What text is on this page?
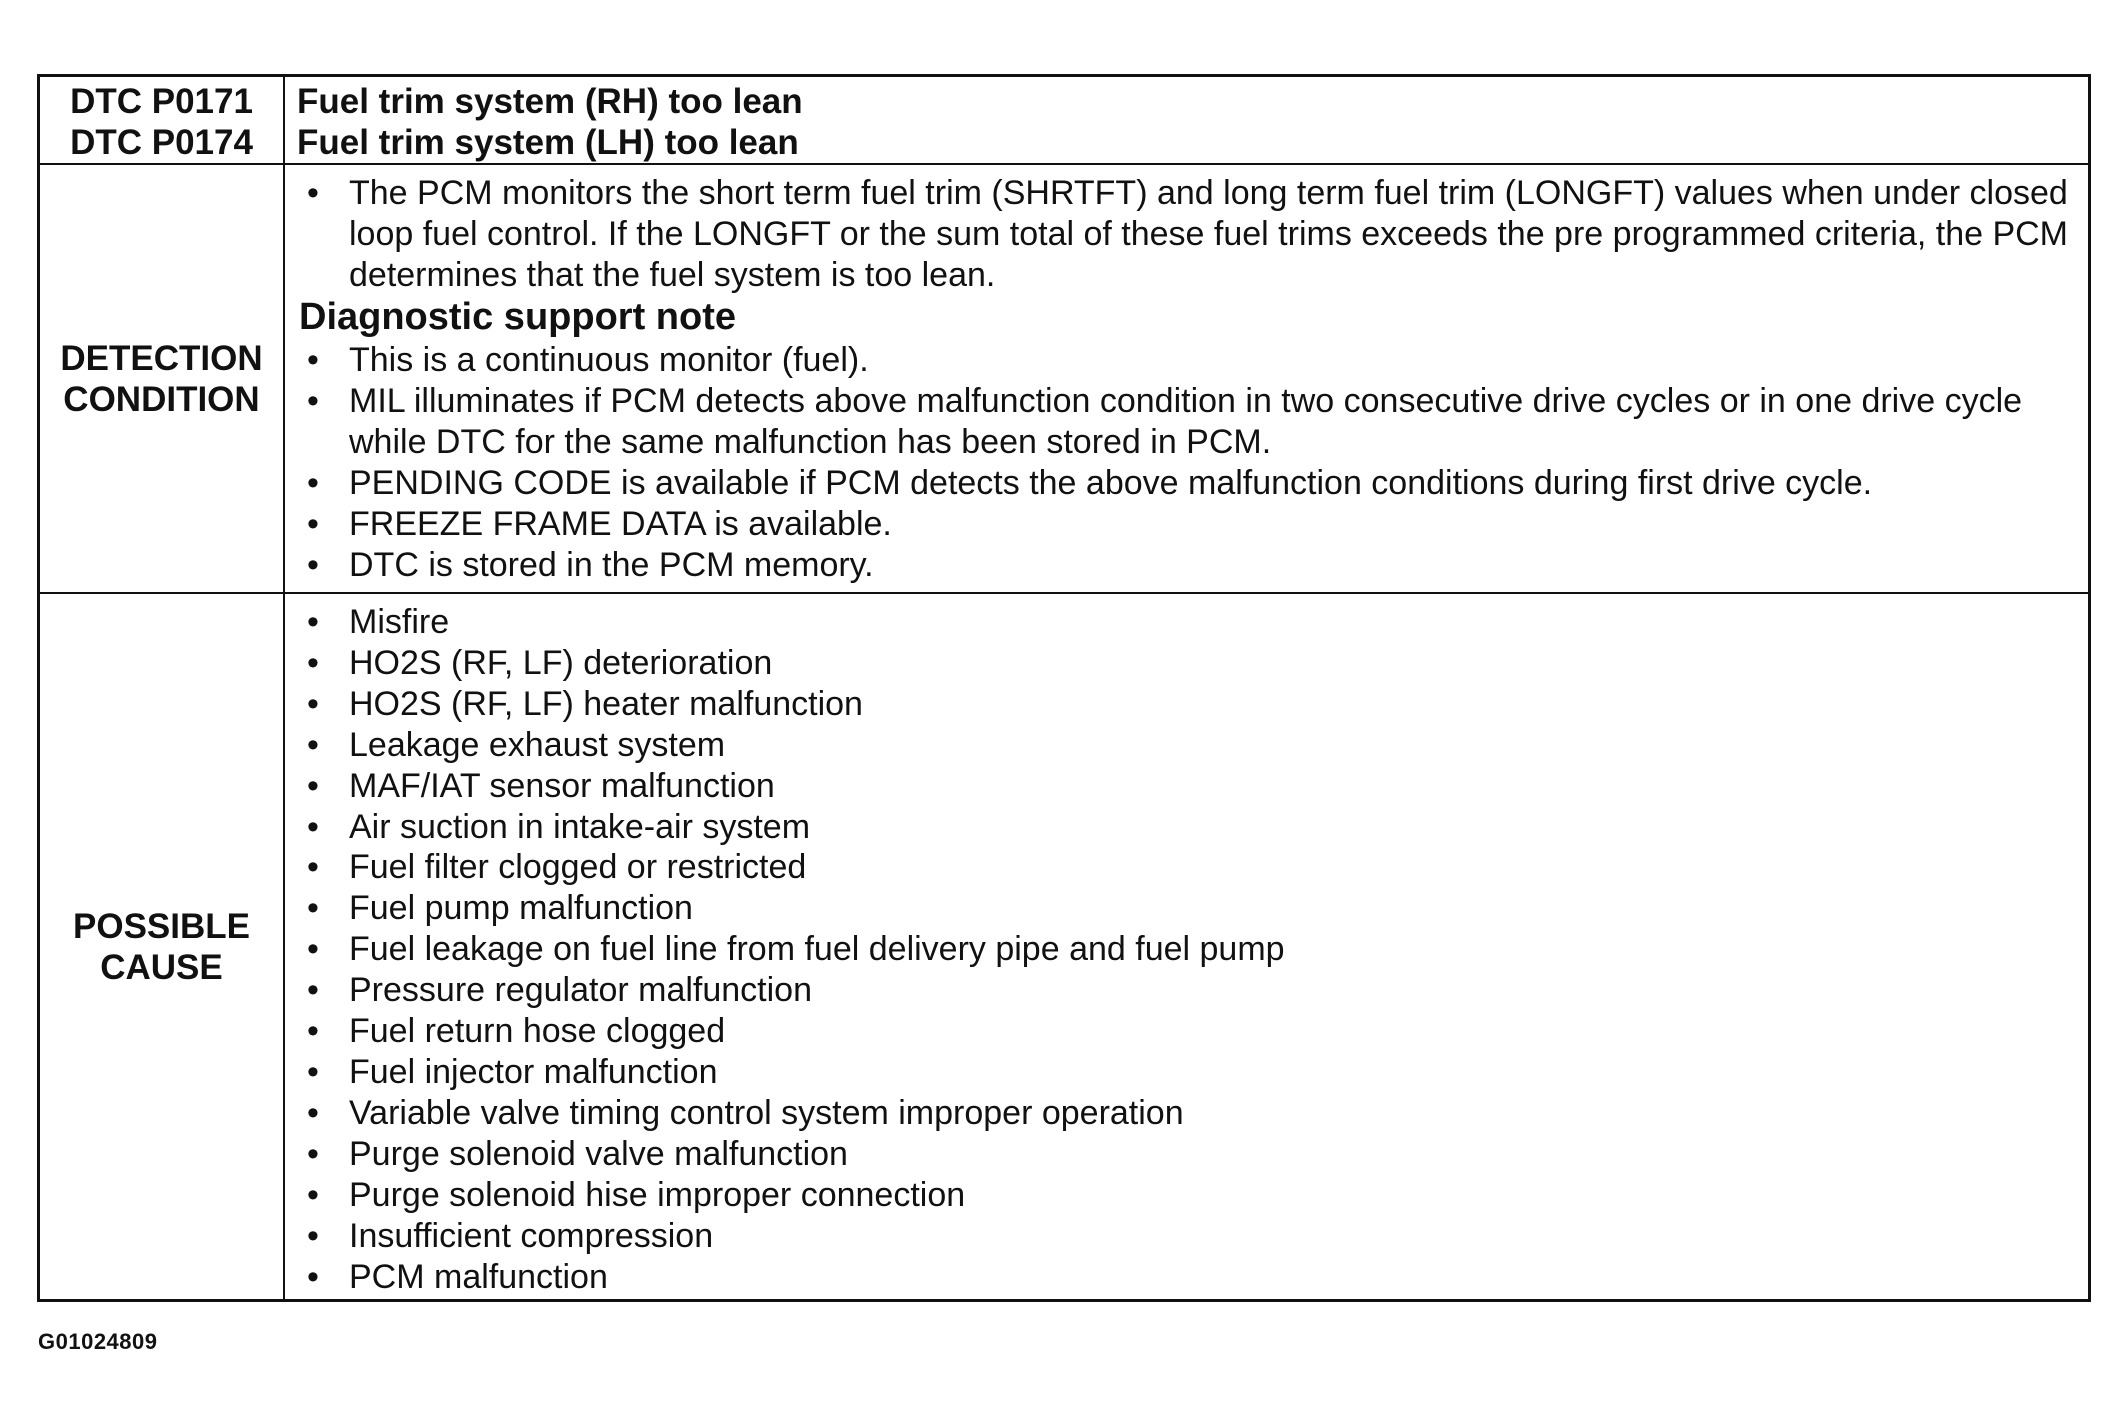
DTC P0171
DTC P0174
Fuel trim system (RH) too lean
Fuel trim system (LH) too lean
DETECTION
CONDITION
• The PCM monitors the short term fuel trim (SHRTFT) and long term fuel trim (LONGFT) values when under closed loop fuel control. If the LONGFT or the sum total of these fuel trims exceeds the pre programmed criteria, the PCM determines that the fuel system is too lean.
Diagnostic support note
• This is a continuous monitor (fuel).
• MIL illuminates if PCM detects above malfunction condition in two consecutive drive cycles or in one drive cycle while DTC for the same malfunction has been stored in PCM.
• PENDING CODE is available if PCM detects the above malfunction conditions during first drive cycle.
• FREEZE FRAME DATA is available.
• DTC is stored in the PCM memory.
POSSIBLE
CAUSE
• Misfire
• HO2S (RF, LF) deterioration
• HO2S (RF, LF) heater malfunction
• Leakage exhaust system
• MAF/IAT sensor malfunction
• Air suction in intake-air system
• Fuel filter clogged or restricted
• Fuel pump malfunction
• Fuel leakage on fuel line from fuel delivery pipe and fuel pump
• Pressure regulator malfunction
• Fuel return hose clogged
• Fuel injector malfunction
• Variable valve timing control system improper operation
• Purge solenoid valve malfunction
• Purge solenoid hise improper connection
• Insufficient compression
• PCM malfunction
G01024809
